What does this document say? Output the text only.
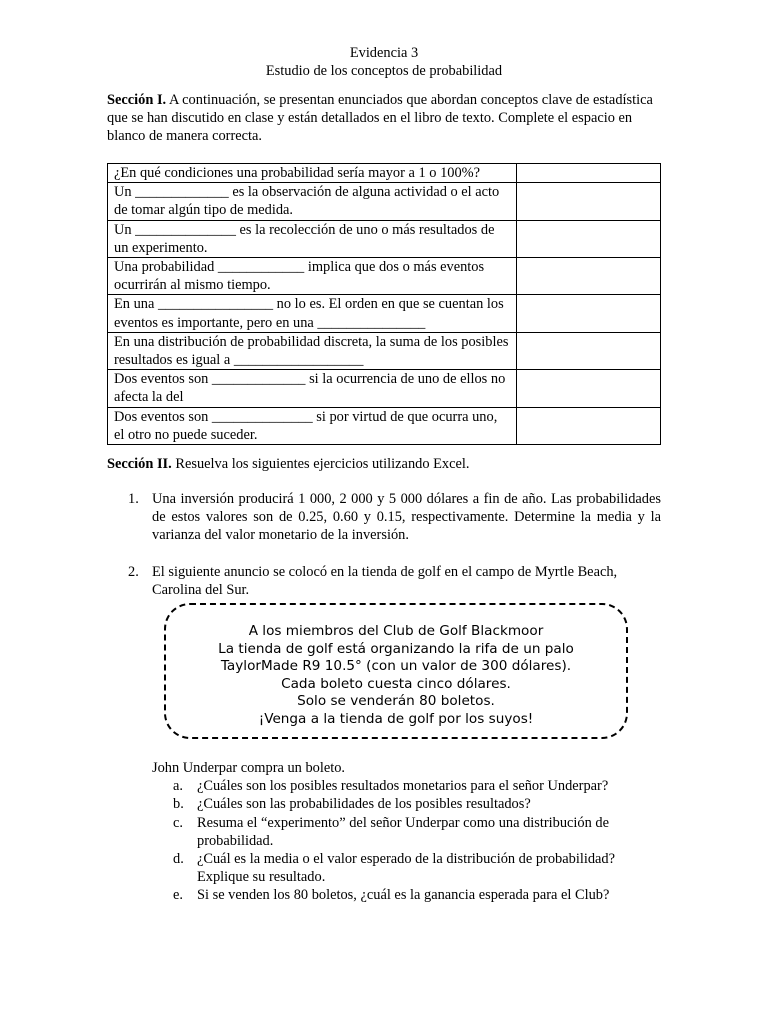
Evidencia 3
Estudio de los conceptos de probabilidad
Sección I. A continuación, se presentan enunciados que abordan conceptos clave de estadística que se han discutido en clase y están detallados en el libro de texto. Complete el espacio en blanco de manera correcta.
¿En qué condiciones una probabilidad sería mayor a 1 o 100%?	
Un _____________ es la observación de alguna actividad o el acto de tomar algún tipo de medida.	
Un ______________ es la recolección de uno o más resultados de un experimento.	
Una probabilidad ____________ implica que dos o más eventos ocurrirán al mismo tiempo.	
En una ________________ no lo es. El orden en que se cuentan los eventos es importante, pero en una _______________	
En una distribución de probabilidad discreta, la suma de los posibles resultados es igual a __________________	
Dos eventos son _____________ si la ocurrencia de uno de ellos no afecta la del	
Dos eventos son ______________ si por virtud de que ocurra uno, el otro no puede suceder.	
Sección II. Resuelva los siguientes ejercicios utilizando Excel.
1. Una inversión producirá 1 000, 2 000 y 5 000 dólares a fin de año. Las probabilidades de estos valores son de 0.25, 0.60 y 0.15, respectivamente. Determine la media y la varianza del valor monetario de la inversión.
2. El siguiente anuncio se colocó en la tienda de golf en el campo de Myrtle Beach, Carolina del Sur.
A los miembros del Club de Golf Blackmoor
La tienda de golf está organizando la rifa de un palo
TaylorMade R9 10.5° (con un valor de 300 dólares).
Cada boleto cuesta cinco dólares.
Solo se venderán 80 boletos.
¡Venga a la tienda de golf por los suyos!
John Underpar compra un boleto.
a. ¿Cuáles son los posibles resultados monetarios para el señor Underpar?
b. ¿Cuáles son las probabilidades de los posibles resultados?
c. Resuma el “experimento” del señor Underpar como una distribución de probabilidad.
d. ¿Cuál es la media o el valor esperado de la distribución de probabilidad? Explique su resultado.
e. Si se venden los 80 boletos, ¿cuál es la ganancia esperada para el Club?
